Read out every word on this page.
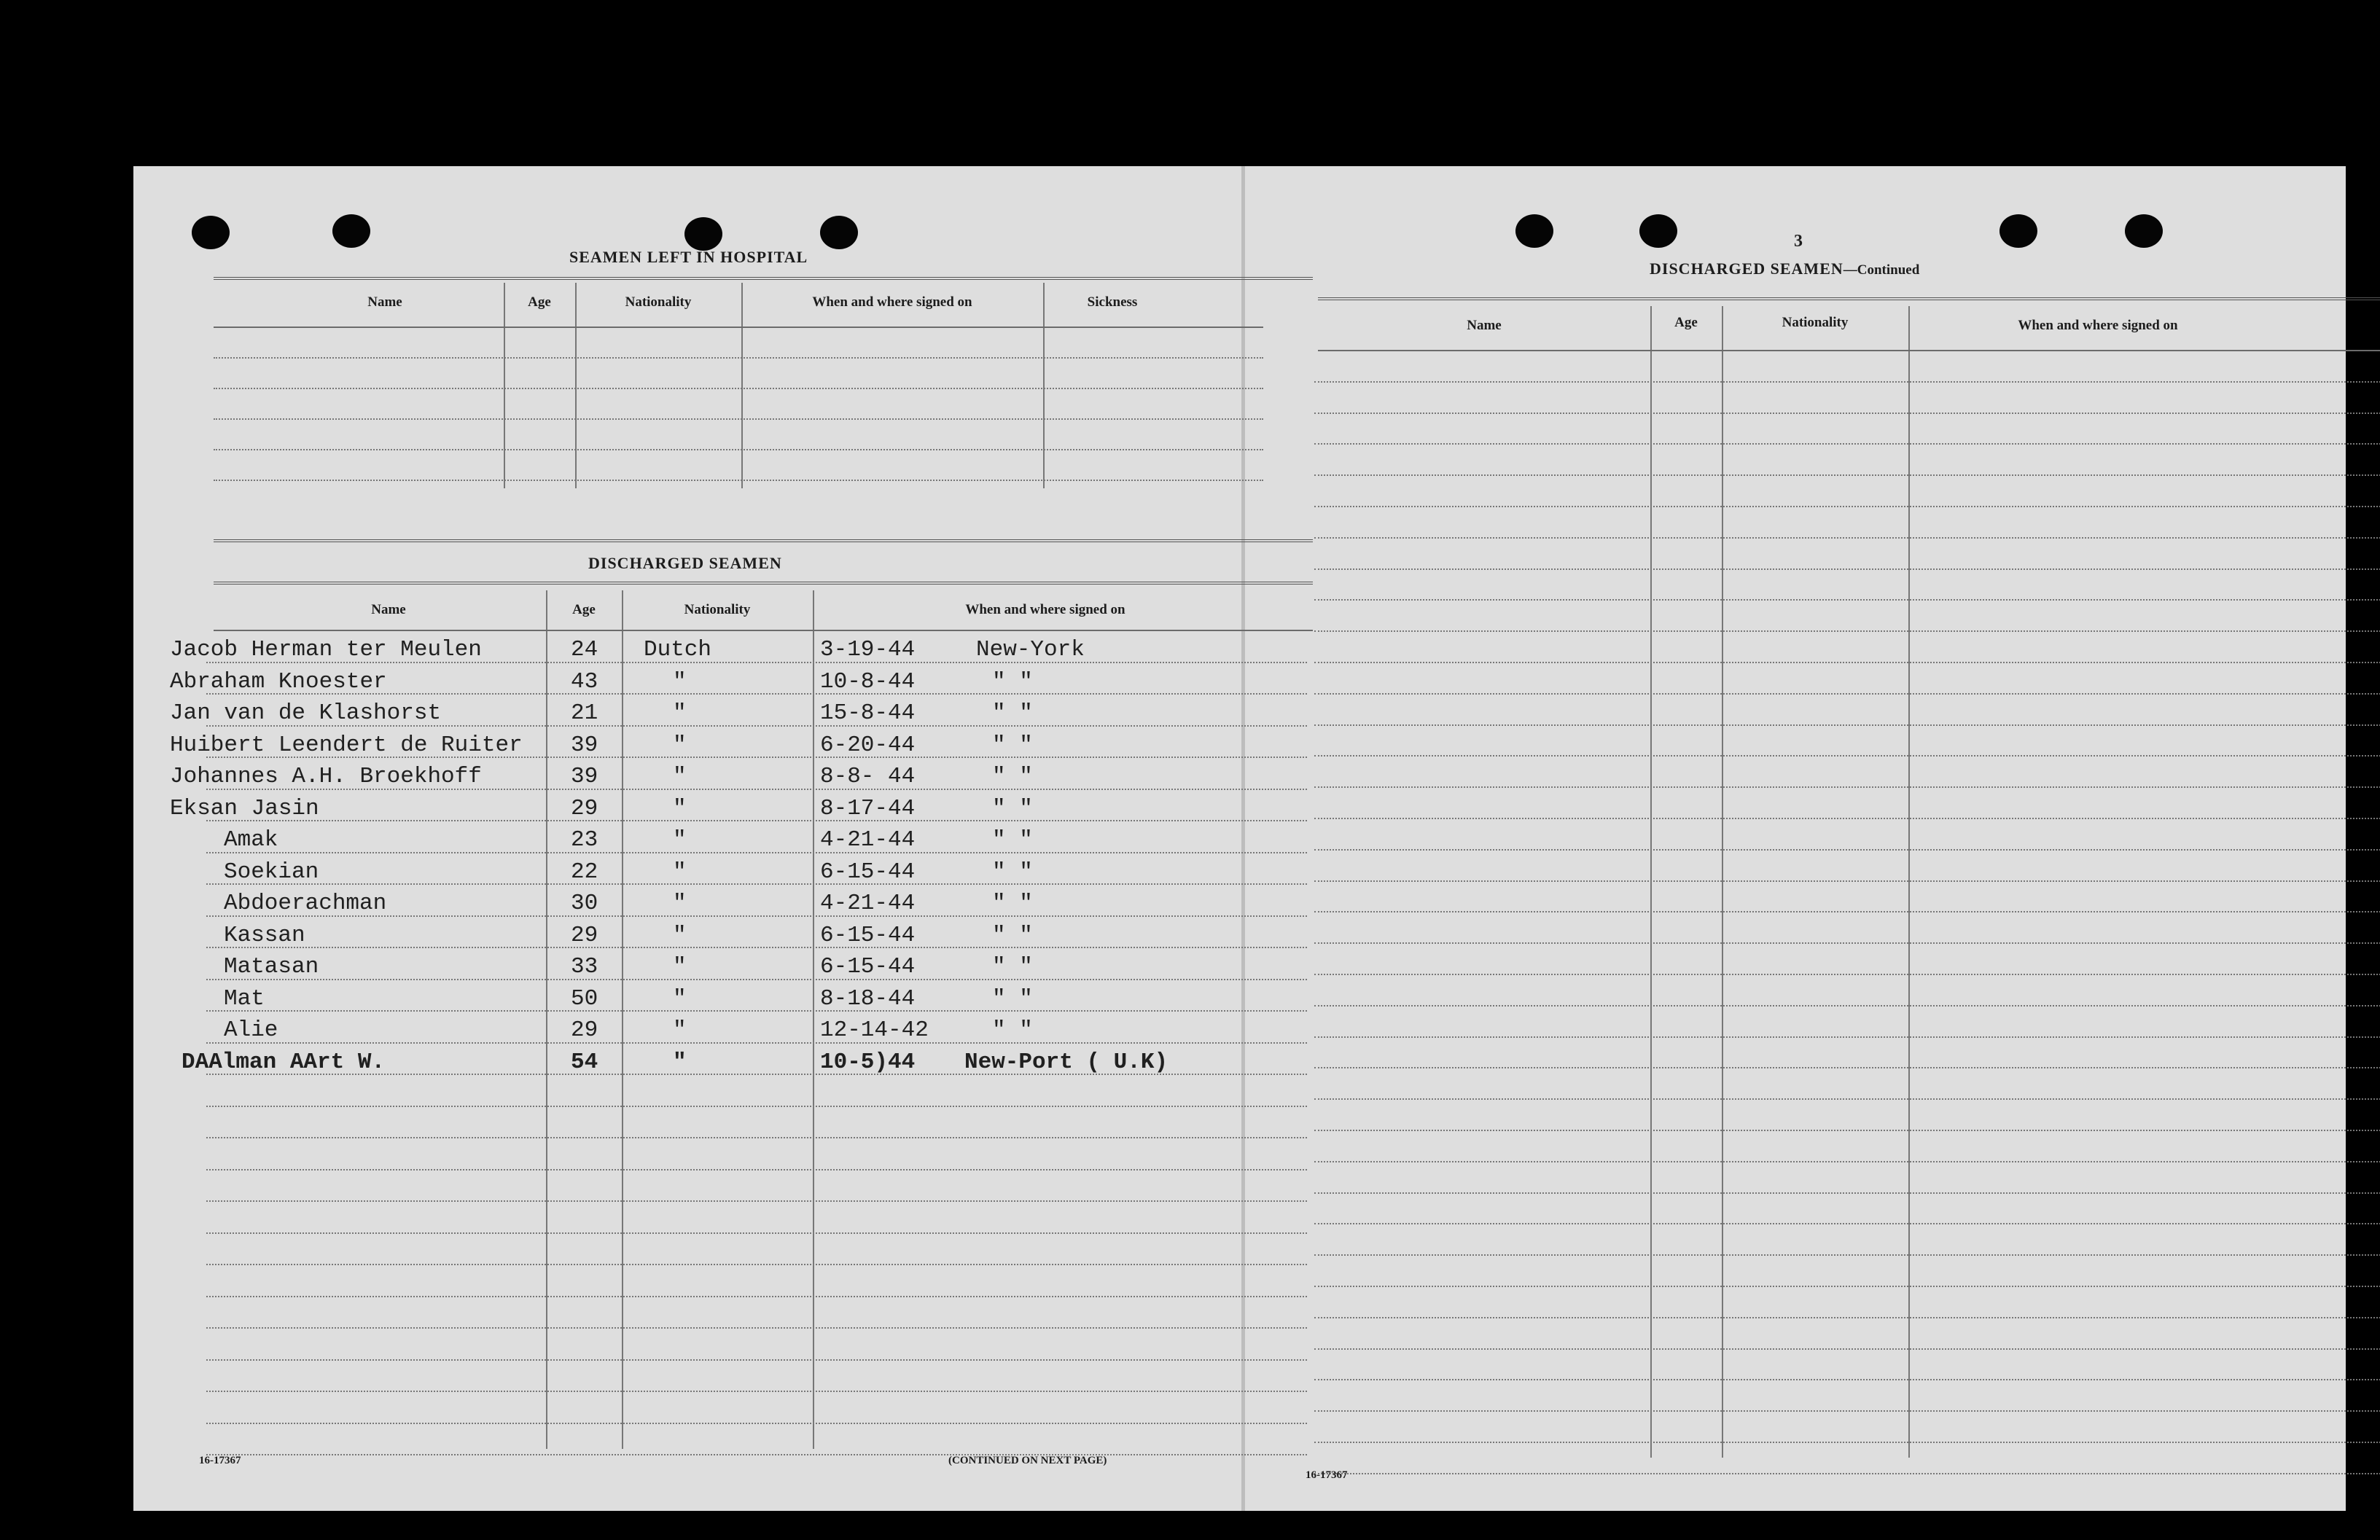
SEAMEN LEFT IN HOSPITAL
Name	Age	Nationality	When and where signed on	Sickness
DISCHARGED SEAMEN
Name	Age	Nationality	When and where signed on
Jacob Herman ter Meulen	24 Dutch	3-19-44	New-York
Abraham Knoester	43	"	10-8-44	" "
Jan van de Klashorst	21	"	15-8-44	" "
Huibert Leendert de Ruiter 39	"	6-20-44	" "
Johannes A.H. Broekhoff	39	"	8-8- 44	" "
Eksan Jasin	29	"	8-17-44	" "
Amak	23	"	4-21-44	" "
Soekian	22	"	6-15-44	" "
Abdoerachman	30	"	4-21-44	" "
Kassan	29	"	6-15-44	" "
Matasan	33	"	6-15-44	" "
Mat	50	"	8-18-44	" "
Alie	29	"	12-14-42	" "
DAAlman AArt W.	54	"	10-5)44 New-Port ( U.K)
16-17367	(CONTINUED ON NEXT PAGE)
3
DISCHARGED SEAMEN—Continued
Name	Age	Nationality	When and where signed on
16-17367
